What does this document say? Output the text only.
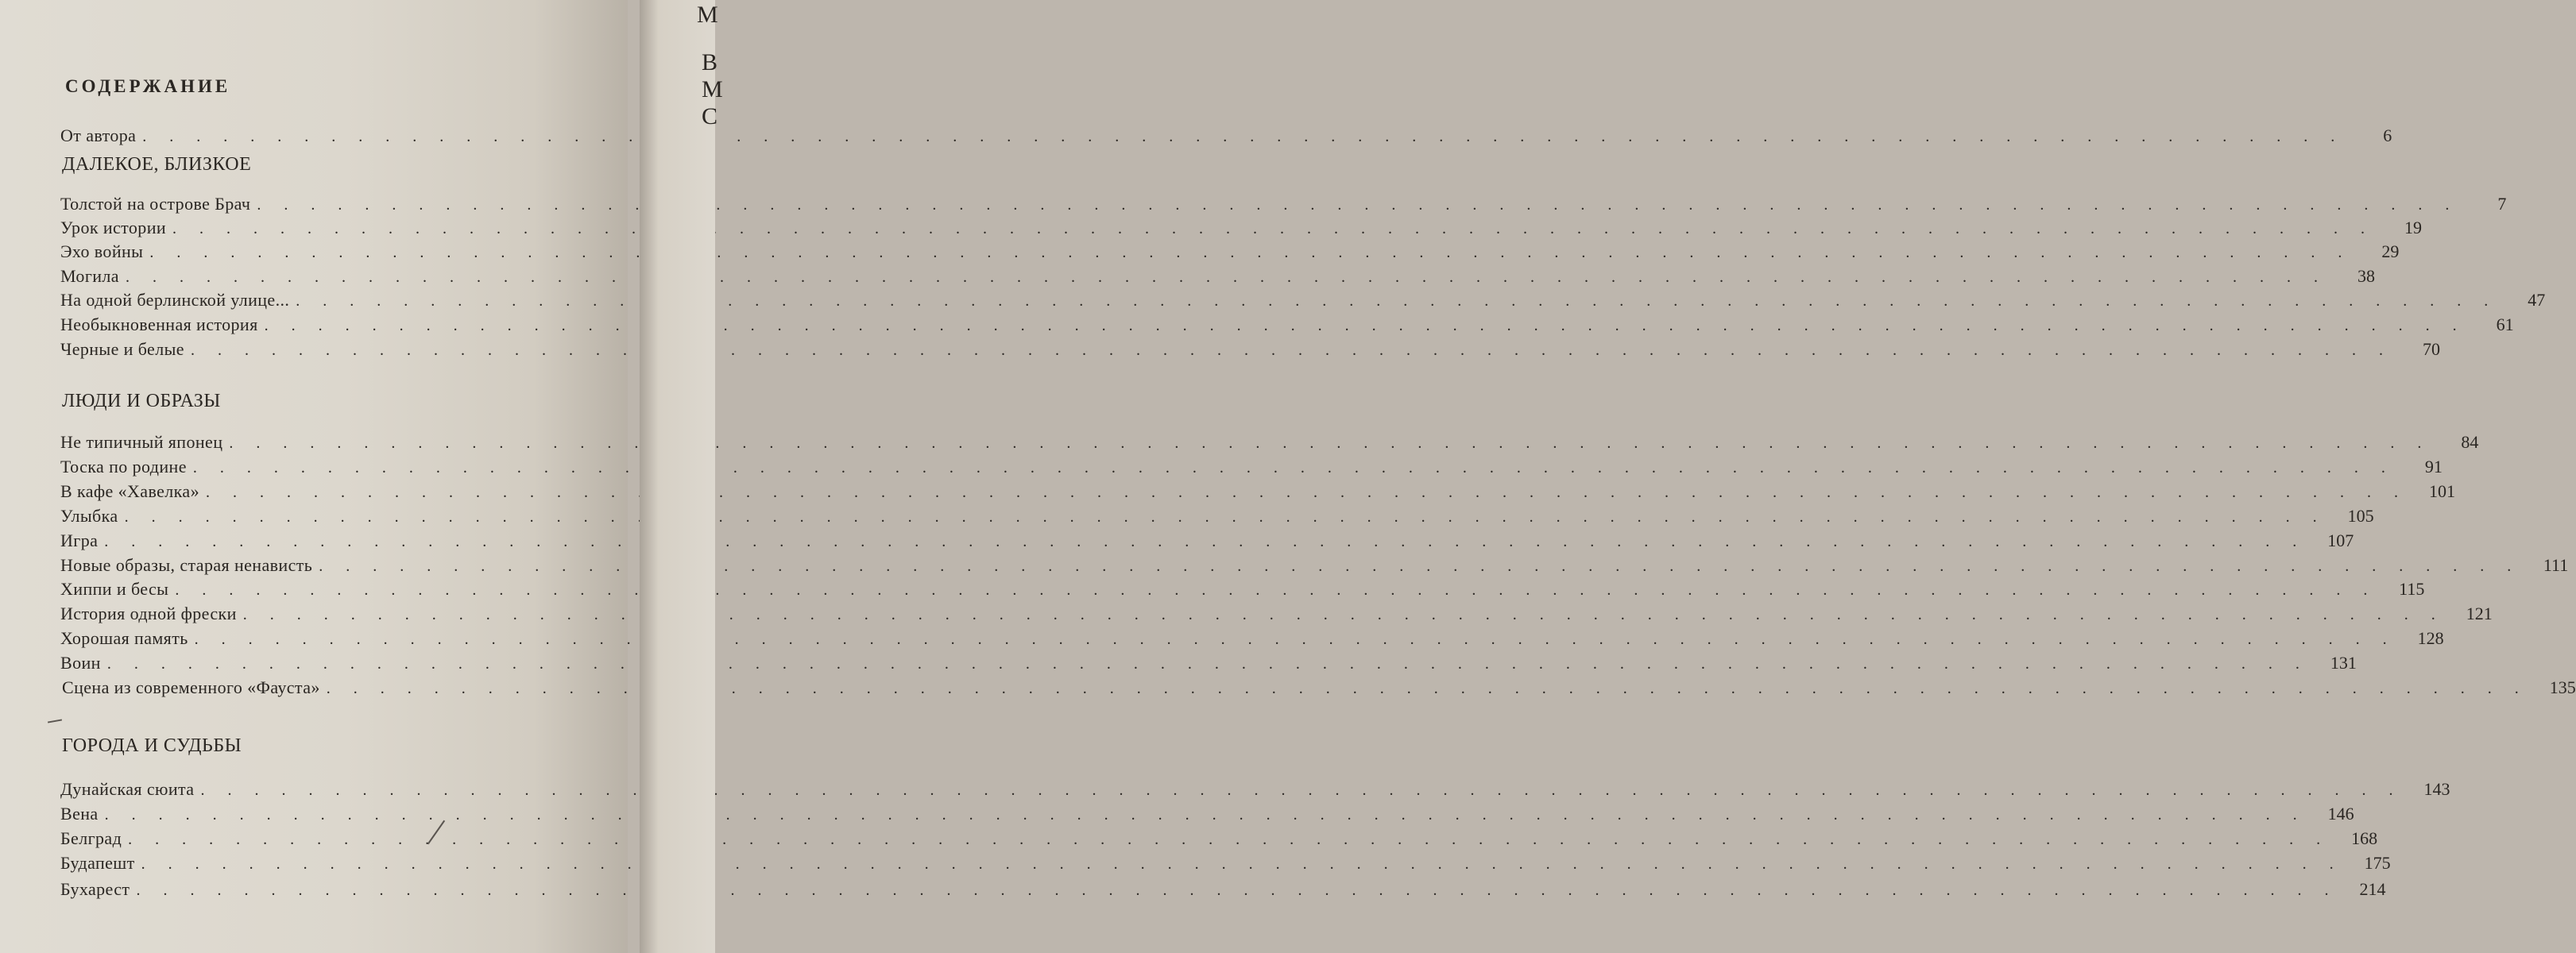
СОДЕРЖАНИЕ
От автора . . .	6
ДАЛЕКОЕ, БЛИЗКОЕ
Толстой на острове Брач . . .	7
Урок истории . . .	19
Эхо войны . . .	29
Могила . . .	38
На одной берлинской улице... . . .	47
Необыкновенная история . . .	61
Черные и белые . . .	70
ЛЮДИ И ОБРАЗЫ
Не типичный японец . . .	84
Тоска по родине . . .	91
В кафе «Хавелка» . . .	101
Улыбка . . .	105
Игра . . .	107
Новые образы, старая ненависть . . .	111
Хиппи и бесы . . .	115
История одной фрески . . .	121
Хорошая память . . .	128
Воин . . .	131
Сцена из современного «Фауста» . . .	135
ГОРОДА И СУДЬБЫ
Дунайская сюита . . .	143
Вена . . .	146
Белград . . .	168
Будапешт . . .	175
Бухарест . . .	214
М
В
М
С
